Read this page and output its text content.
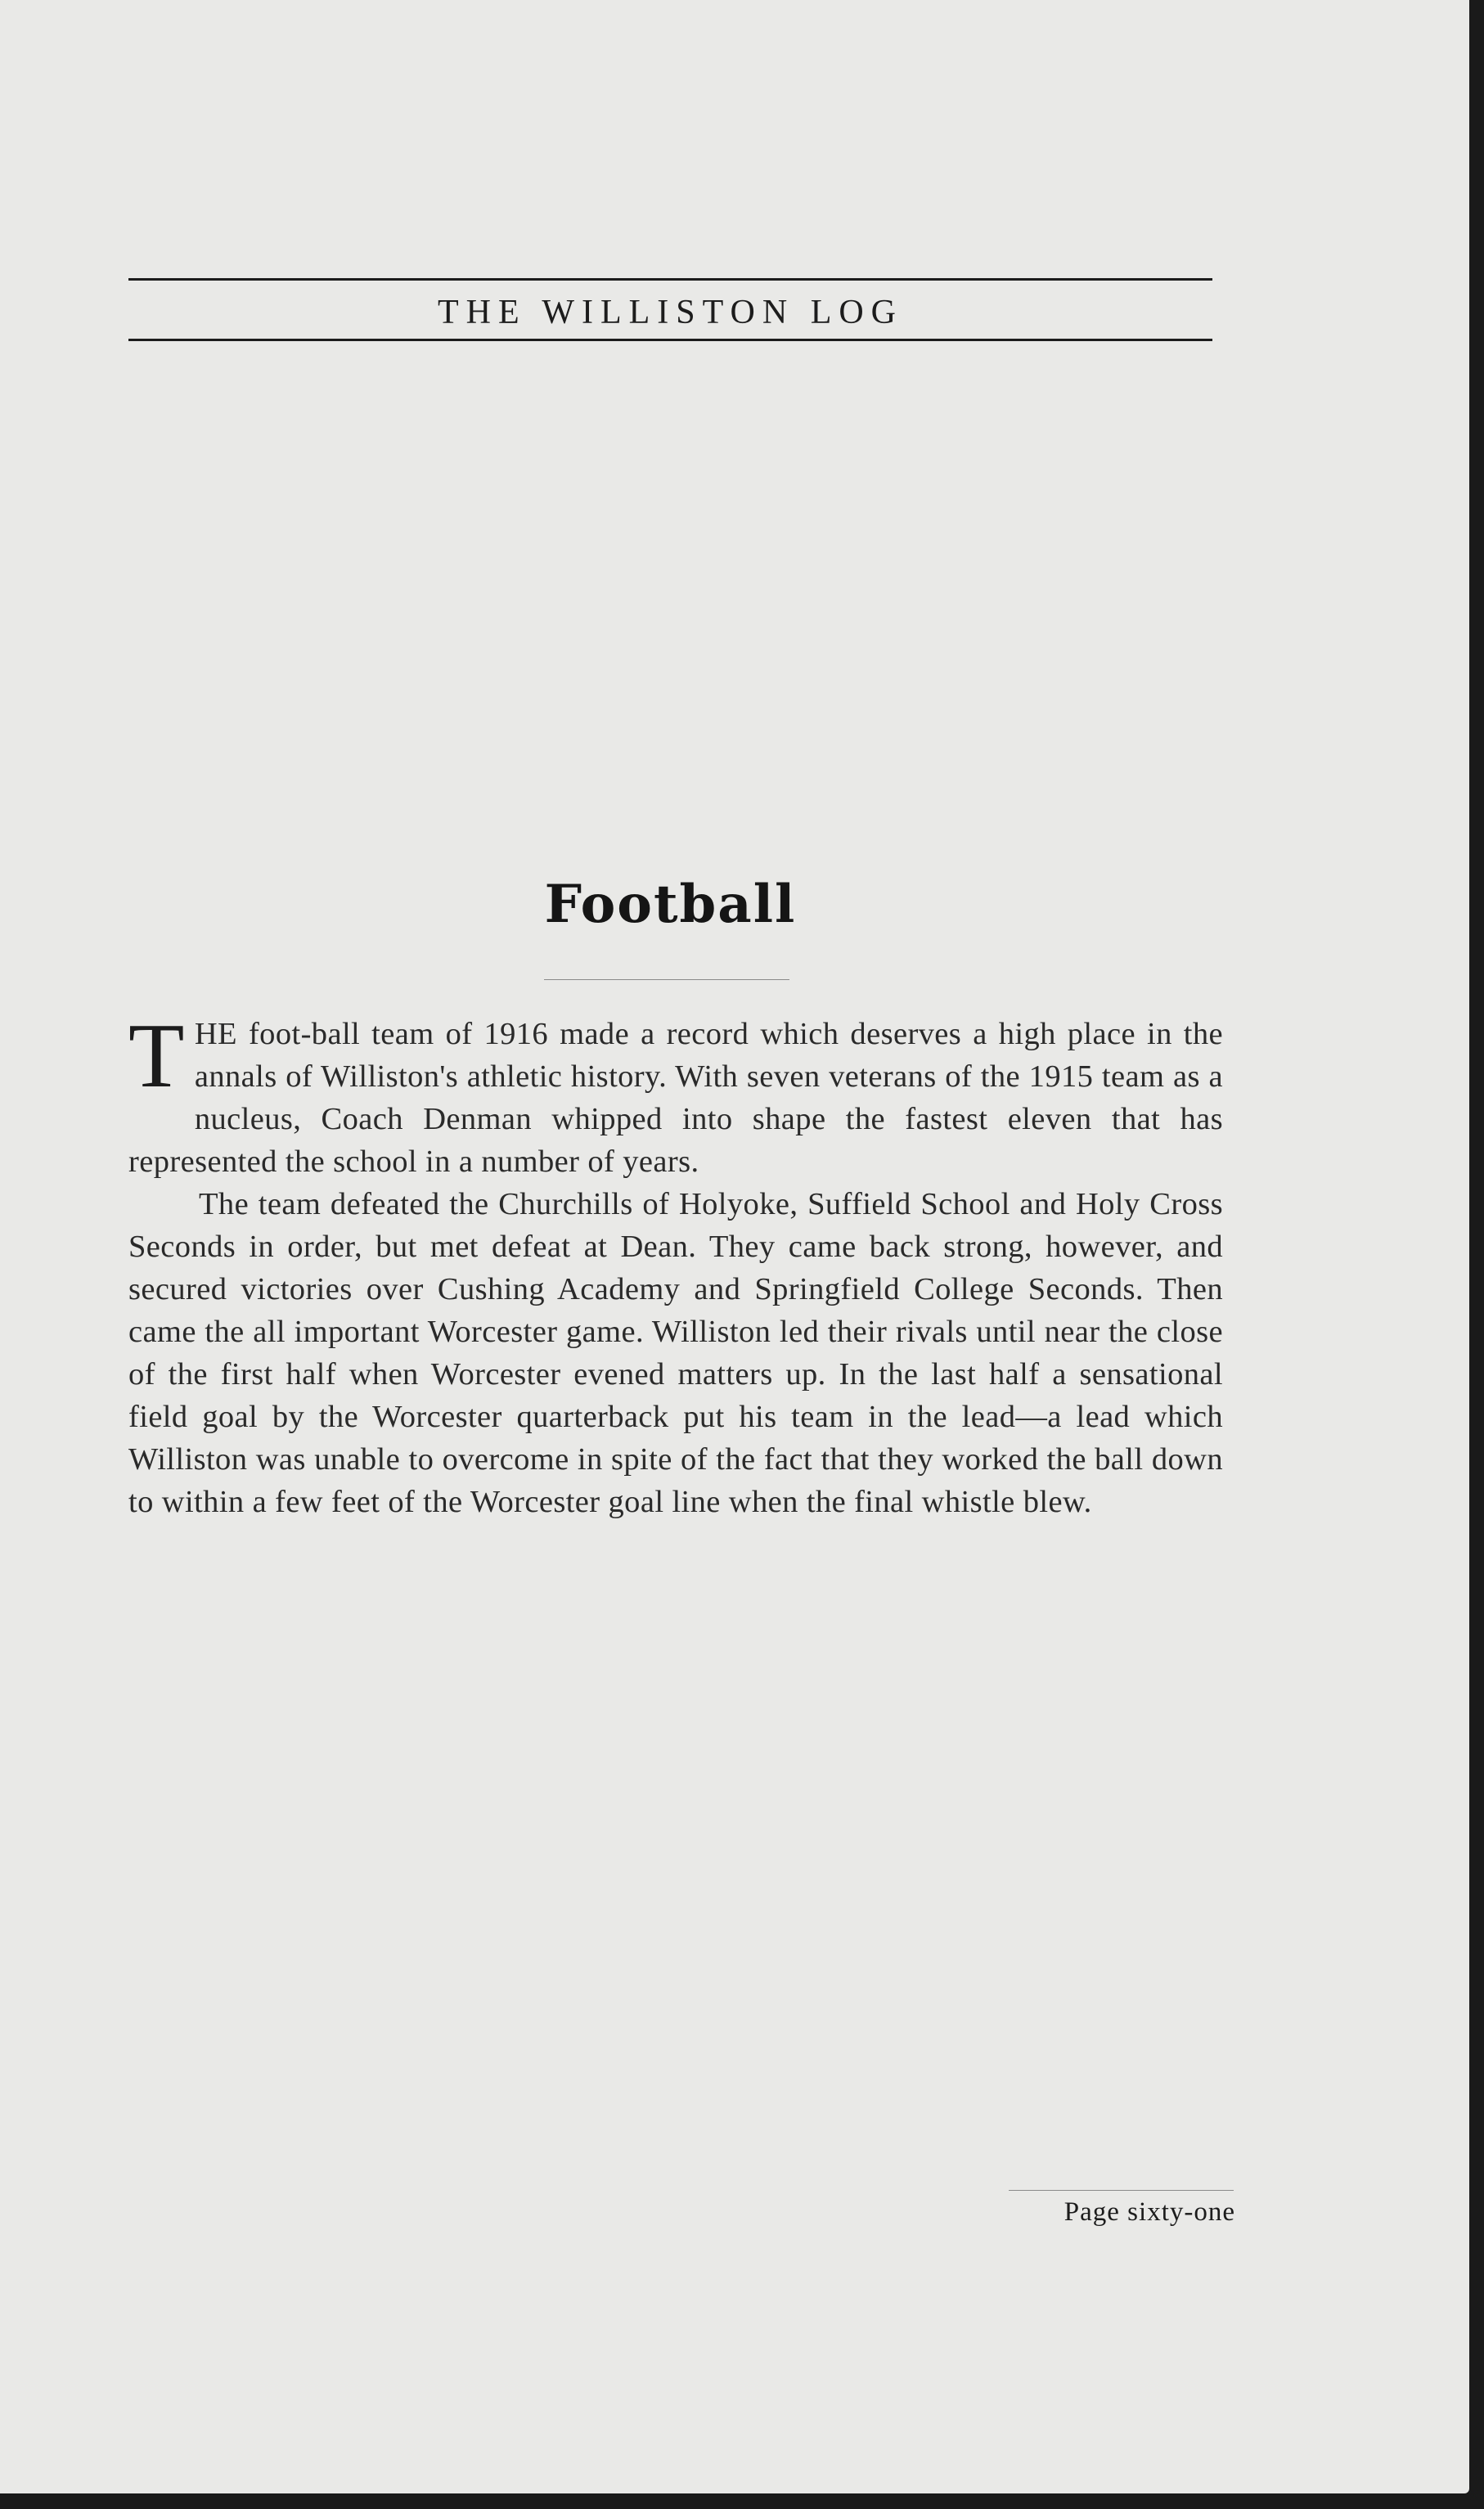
THE WILLISTON LOG
Football

THE foot-ball team of 1916 made a record which deserves a high place in the annals of Williston's athletic history. With seven veterans of the 1915 team as a nucleus, Coach Denman whipped into shape the fastest eleven that has represented the school in a number of years.

The team defeated the Churchills of Holyoke, Suffield School and Holy Cross Seconds in order, but met defeat at Dean. They came back strong, however, and secured victories over Cushing Academy and Springfield College Seconds. Then came the all important Worcester game. Williston led their rivals until near the close of the first half when Worcester evened matters up. In the last half a sensational field goal by the Worcester quarterback put his team in the lead—a lead which Williston was unable to overcome in spite of the fact that they worked the ball down to within a few feet of the Worcester goal line when the final whistle blew.

Page sixty-one
